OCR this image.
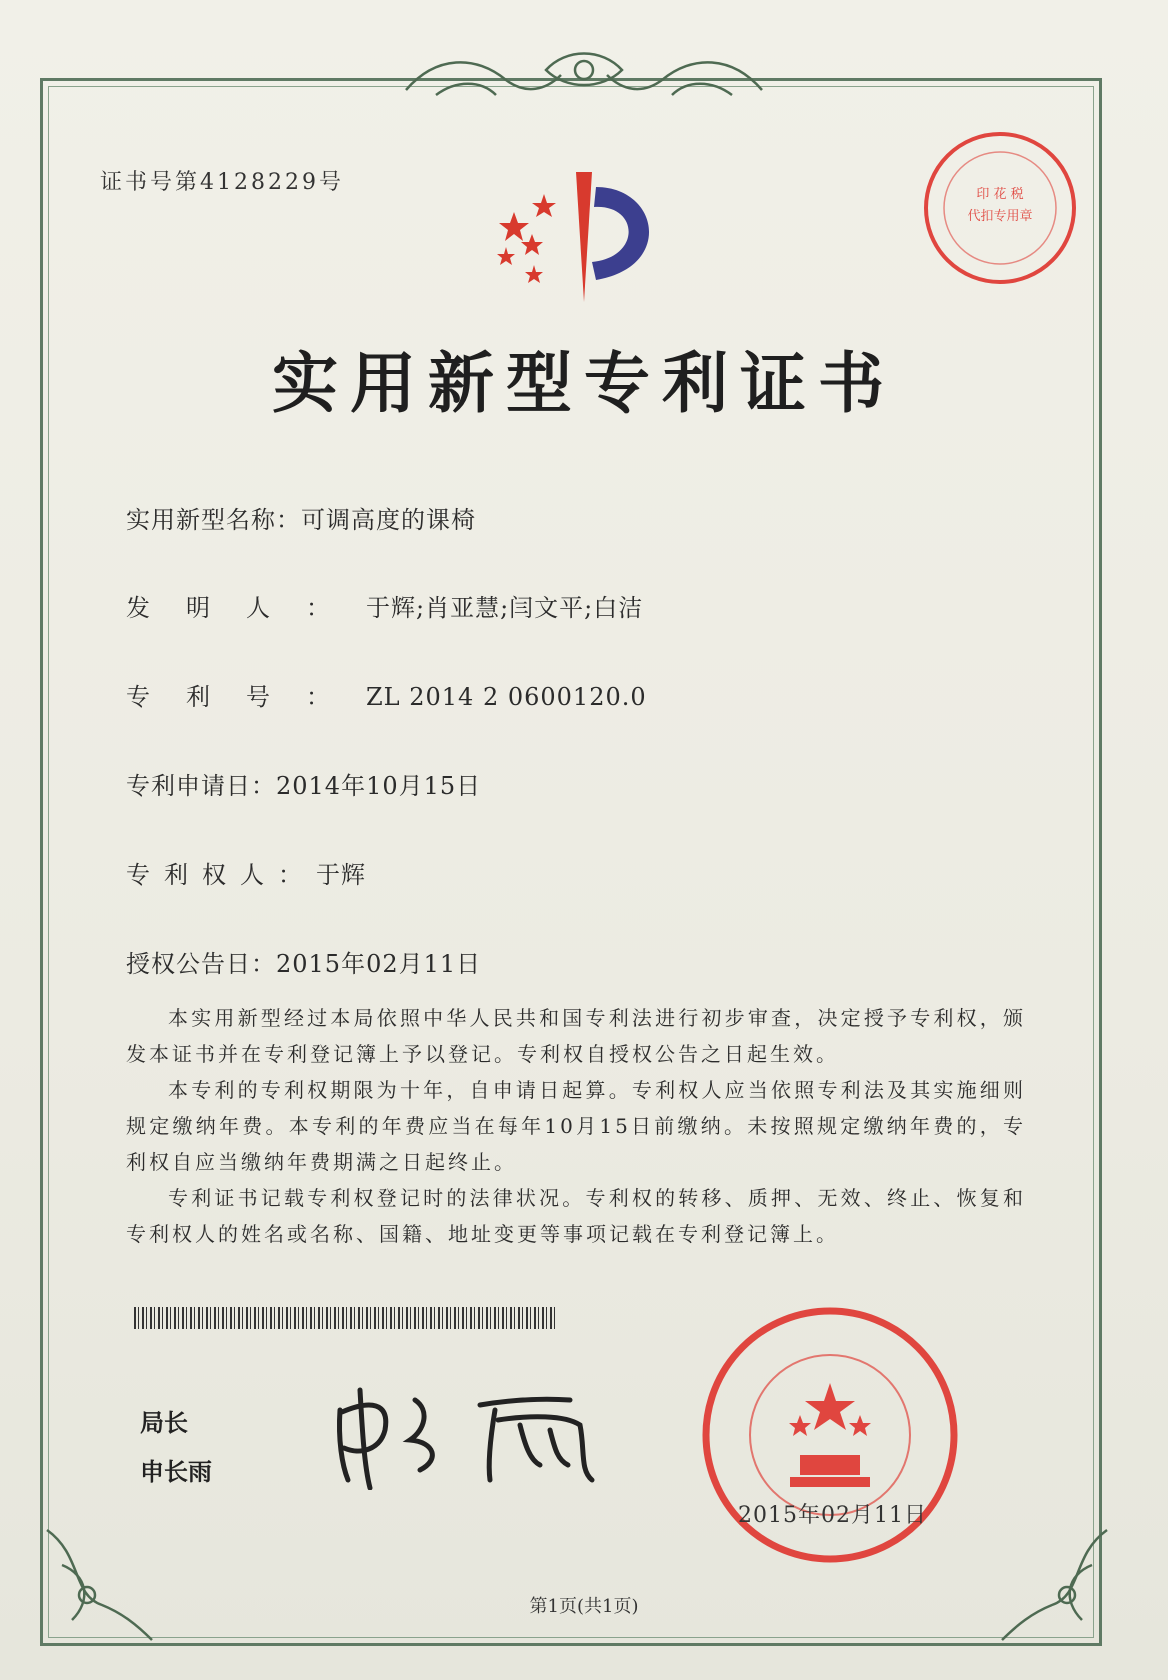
证书号第4128229号
实用新型专利证书
实用新型名称：可调高度的课椅
发明人：于辉;肖亚慧;闫文平;白洁
专利号：ZL 2014 2 0600120.0
专利申请日：2014年10月15日
专利权人：于辉
授权公告日：2015年02月11日
本实用新型经过本局依照中华人民共和国专利法进行初步审查，决定授予专利权，颁发本证书并在专利登记簿上予以登记。专利权自授权公告之日起生效。
本专利的专利权期限为十年，自申请日起算。专利权人应当依照专利法及其实施细则规定缴纳年费。本专利的年费应当在每年10月15日前缴纳。未按照规定缴纳年费的，专利权自应当缴纳年费期满之日起终止。
专利证书记载专利权登记时的法律状况。专利权的转移、质押、无效、终止、恢复和专利权人的姓名或名称、国籍、地址变更等事项记载在专利登记簿上。
局长
申长雨
印 花 税
代扣专用章
2015年02月11日
第1页(共1页)
